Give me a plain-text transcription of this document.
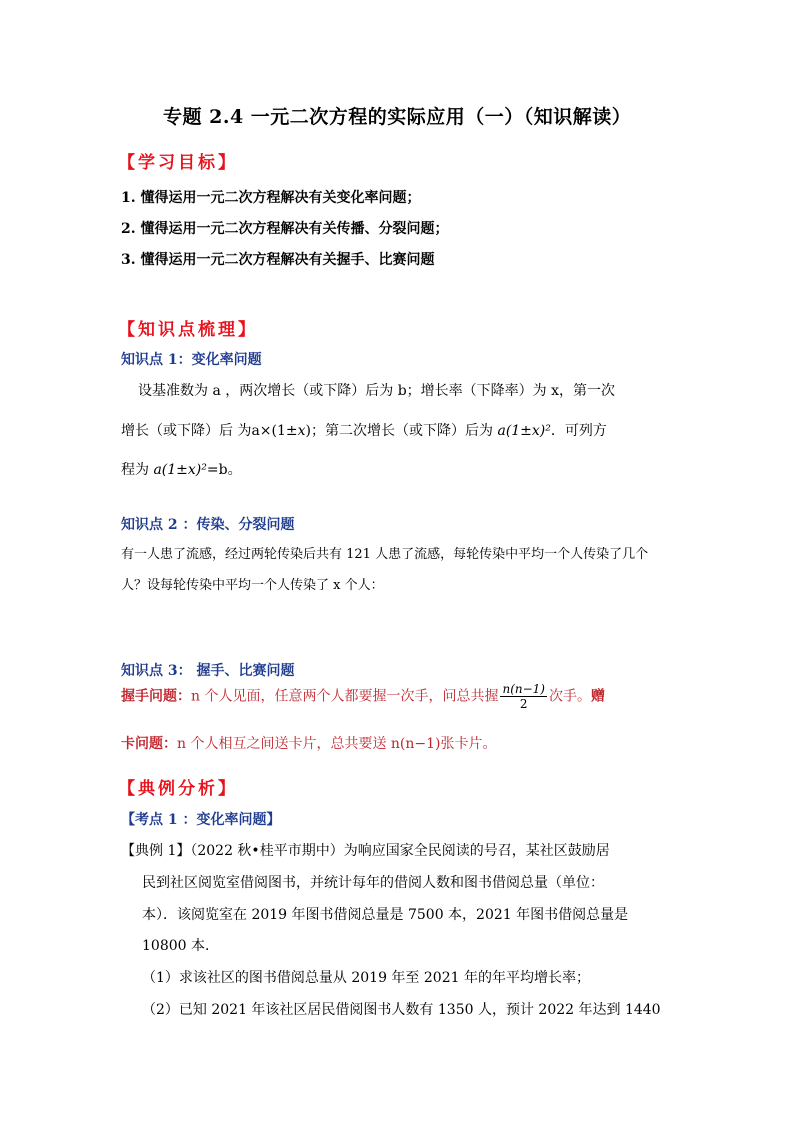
专题 2.4 一元二次方程的实际应用（一）（知识解读）
【学习目标】
1. 懂得运用一元二次方程解决有关变化率问题；
2. 懂得运用一元二次方程解决有关传播、分裂问题；
3. 懂得运用一元二次方程解决有关握手、比赛问题
【知识点梳理】
知识点 1：变化率问题
设基准数为 a ，两次增长（或下降）后为 b；增长率（下降率）为 x，第一次
增长（或下降）后 为a×(1±x)；第二次增长（或下降）后为 a(1±x)²．可列方
程为 a(1±x)²=b。
知识点 2 ：传染、分裂问题
有一人患了流感，经过两轮传染后共有 121 人患了流感，每轮传染中平均一个人传染了几个
人？设每轮传染中平均一个人传染了 x 个人：
知识点 3： 握手、比赛问题
握手问题：n 个人见面，任意两个人都要握一次手，问总共握 $\frac{n(n-1)}{2}$ 次手。赠
卡问题：n 个人相互之间送卡片，总共要送 n(n−1)张卡片。
【典例分析】
【考点 1 ：变化率问题】
【典例 1】（2022 秋•桂平市期中）为响应国家全民阅读的号召，某社区鼓励居
民到社区阅览室借阅图书，并统计每年的借阅人数和图书借阅总量（单位：
本）．该阅览室在 2019 年图书借阅总量是 7500 本，2021 年图书借阅总量是
10800 本．
（1）求该社区的图书借阅总量从 2019 年至 2021 年的年平均增长率；
（2）已知 2021 年该社区居民借阅图书人数有 1350 人，预计 2022 年达到 1440
